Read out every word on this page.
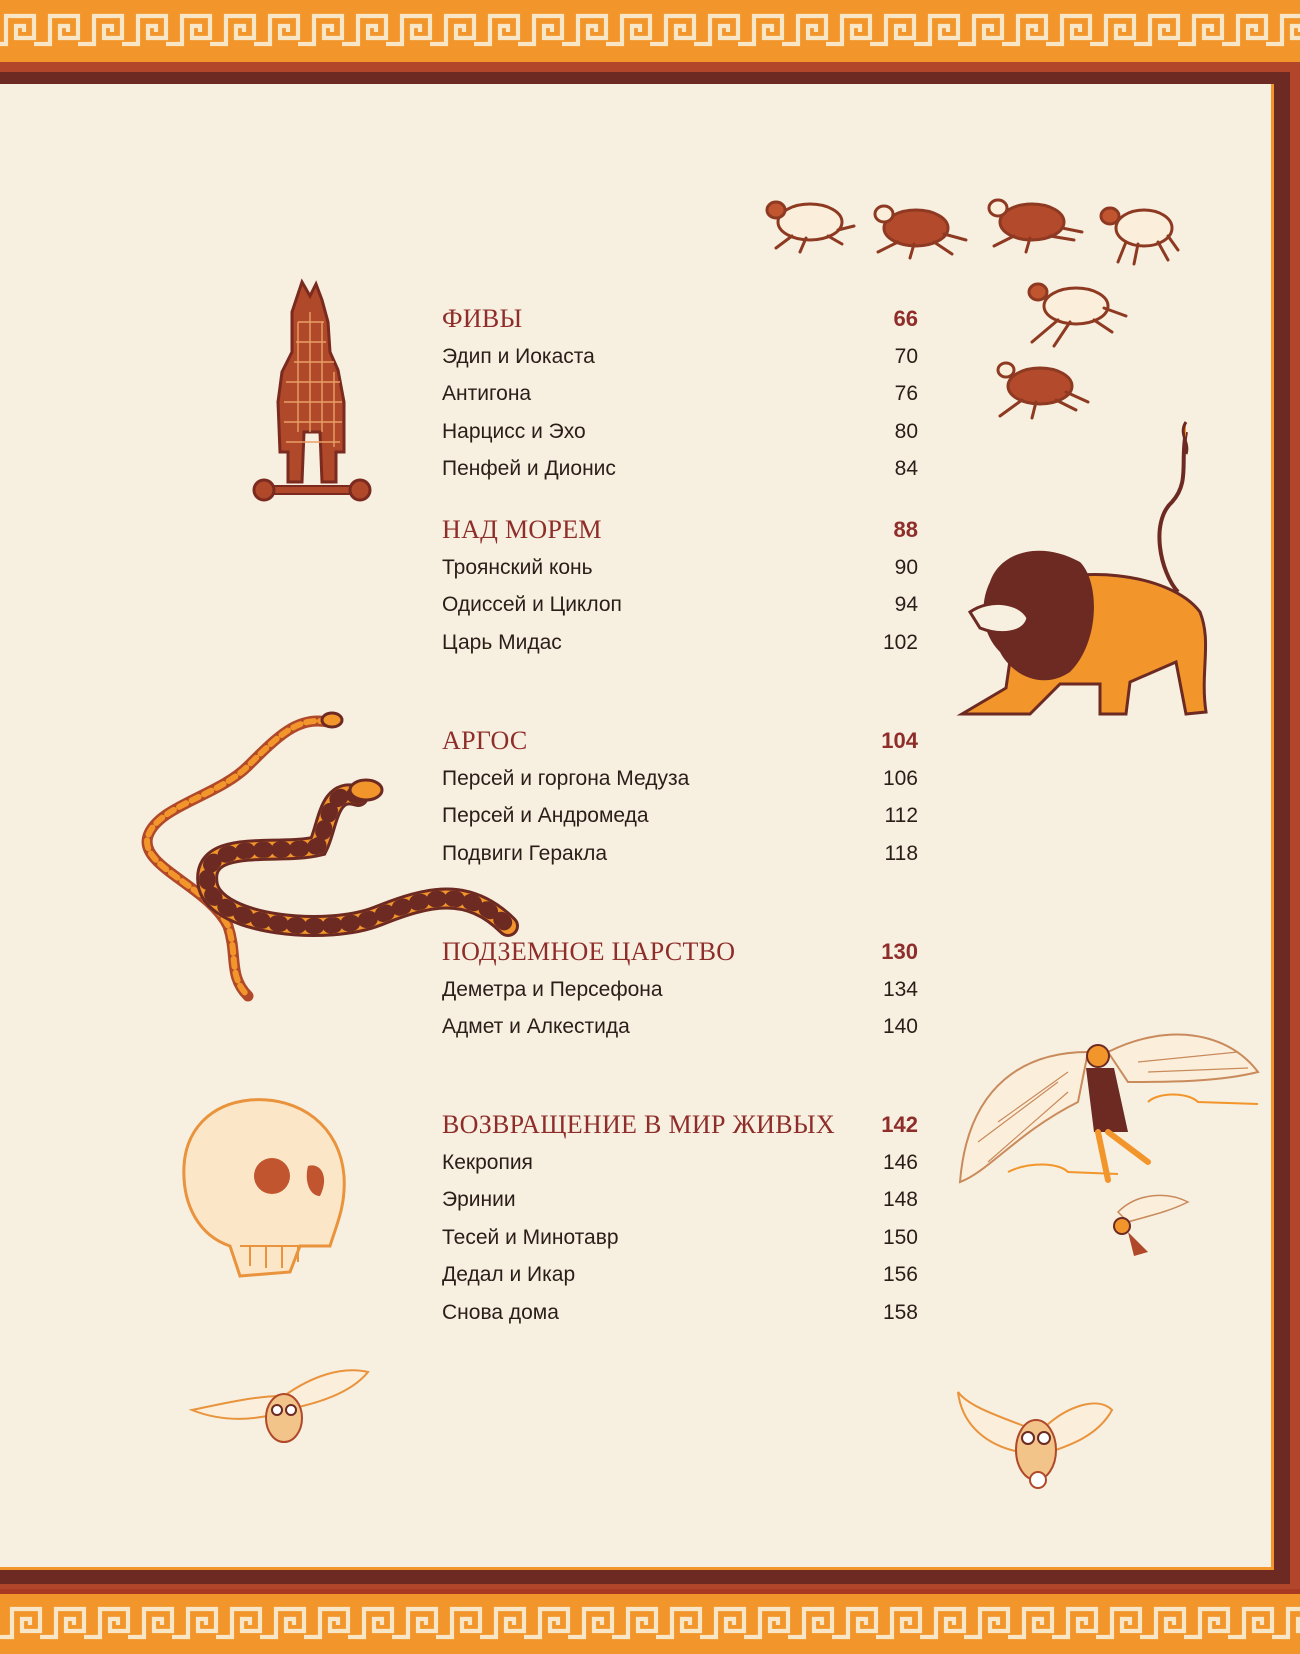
ФИВЫ	66
Эдип и Иокаста	70
Антигона	76
Нарцисс и Эхо	80
Пенфей и Дионис	84
НАД МОРЕМ	88
Троянский конь	90
Одиссей и Циклоп	94
Царь Мидас	102
АРГОС	104
Персей и горгона Медуза	106
Персей и Андромеда	112
Подвиги Геракла	118
ПОДЗЕМНОЕ ЦАРСТВО	130
Деметра и Персефона	134
Адмет и Алкестида	140
ВОЗВРАЩЕНИЕ В МИР ЖИВЫХ 142
Кекропия	146
Эринии	148
Тесей и Минотавр	150
Дедал и Икар	156
Снова дома	158
